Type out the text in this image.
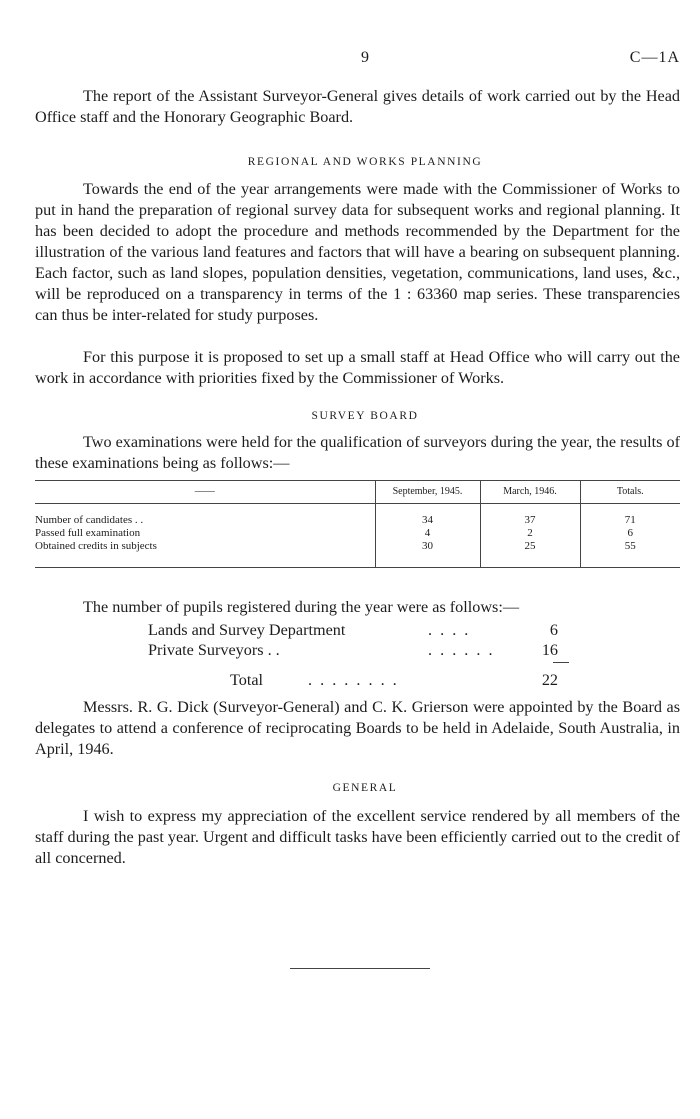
9	C—1A

The report of the Assistant Surveyor-General gives details of work carried out by the Head Office staff and the Honorary Geographic Board.

REGIONAL AND WORKS PLANNING

Towards the end of the year arrangements were made with the Commissioner of Works to put in hand the preparation of regional survey data for subsequent works and regional planning. It has been decided to adopt the procedure and methods recommended by the Department for the illustration of the various land features and factors that will have a bearing on subsequent planning. Each factor, such as land slopes, population densities, vegetation, communications, land uses, &c., will be reproduced on a transparency in terms of the 1 : 63360 map series. These transparencies can thus be inter-related for study purposes.

For this purpose it is proposed to set up a small staff at Head Office who will carry out the work in accordance with priorities fixed by the Commissioner of Works.

SURVEY BOARD

Two examinations were held for the qualification of surveyors during the year, the results of these examinations being as follows:—

——	September, 1945.	March, 1946.	Totals.
Number of candidates . .	34	37	71
Passed full examination	4	2	6
Obtained credits in subjects	30	25	55

The number of pupils registered during the year were as follows:—

Lands and Survey Department	. . . .	6
Private Surveyors . .	. . . . . .	16
Total	. . . . . . . .	22

Messrs. R. G. Dick (Surveyor-General) and C. K. Grierson were appointed by the Board as delegates to attend a conference of reciprocating Boards to be held in Adelaide, South Australia, in April, 1946.

GENERAL

I wish to express my appreciation of the excellent service rendered by all members of the staff during the past year. Urgent and difficult tasks have been efficiently carried out to the credit of all concerned.
